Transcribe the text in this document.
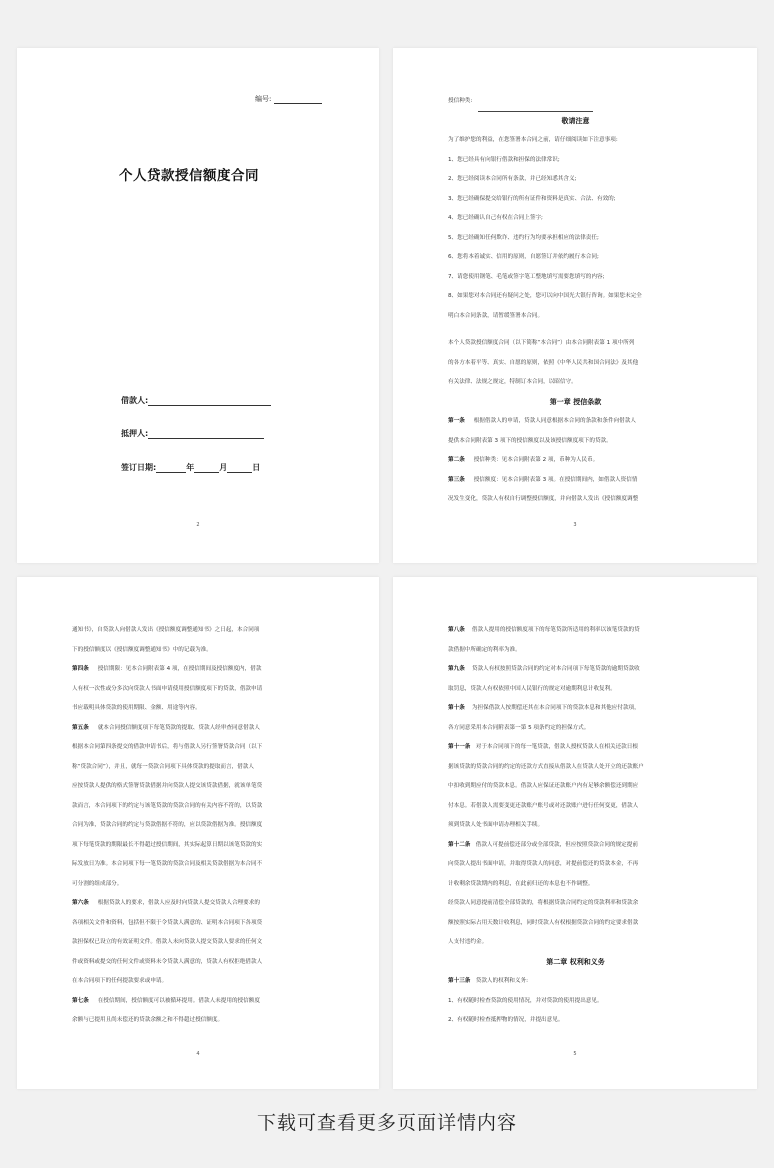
编号:
个人贷款授信额度合同
借款人:
抵押人:
签订日期:	年	月	日
2

授信种类:

敬请注意

为了维护您的利益，在您签署本合同之前，请仔细阅读如下注意事项:

1、您已经具有向银行借款和担保的法律常识;

2、您已经阅读本合同所有条款，并已经知悉其含义;

3、您已经确保提交给银行的所有证件和资料是真实、合法、有效的;

4、您已经确认自己有权在合同上签字;

5、您已经确知任何欺诈、违约行为均要承担相应的法律责任;

6、您将本着诚实、信用的原则，自愿签订并依约履行本合同;

7、请您使用钢笔、毛笔或签字笔工整地填写需要您填写的内容;

8、如果您对本合同还有疑问之处，您可以向中国光大银行咨询。如果您未完全

明白本合同条款，请暂缓签署本合同。

本个人贷款授信额度合同（以下简称“本合同”）由本合同附表第 1 项中所列

的各方本着平等、真实、自愿的原则，依照《中华人民共和国合同法》及其他

有关法律、法规之规定，特制订本合同，以昭信守。

第一章 授信条款

第一条 根据借款人的申请，贷款人同意根据本合同的条款和条件向借款人

提供本合同附表第 3 项下的授信额度以及该授信额度项下的贷款。

第二条 授信种类：见本合同附表第 2 项，币种为人民币。

第三条 授信额度：见本合同附表第 3 项。在授信期间内，如借款人资信情

况发生变化，贷款人有权自行调整授信额度，并向借款人发出《授信额度调整

3

通知书》，自贷款人向借款人发出《授信额度调整通知书》之日起，本合同项

下的授信额度以《授信额度调整通知书》中的记载为准。

第四条 授信期限：见本合同附表第 4 项，在授信期间及授信额度内，借款

人有权一次性或分多次向贷款人书面申请使用授信额度项下的贷款，借款申请

书应载明具体贷款的使用期限、金额、用途等内容。

第五条 就本合同授信额度项下每笔贷款的提取、贷款人经审查同意借款人

根据本合同第四条提交的借款申请书后，将与借款人另行签署贷款合同（以下

称“贷款合同”），并且，就每一贷款合同项下具体贷款的提取而言，借款人

应按贷款人提供的格式签署贷款借据并向贷款人提交该贷款借据，就该单笔贷

款而言，本合同项下的约定与该笔贷款的贷款合同的有关内容不符的，以贷款

合同为准，贷款合同的约定与贷款借据不符的，应以贷款借据为准。授信额度

项下每笔贷款的期限最长不得超过授信期间，其实际起算日期以该笔贷款的实

际发放日为准。本合同项下每一笔贷款的贷款合同及相关贷款借据为本合同不

可分割的组成部分。

第六条 根据贷款人的要求，借款人应及时向贷款人提交贷款人合理要求的

各项相关文件和资料，包括但不限于令贷款人满意的、证明本合同项下各项贷

款担保权已设立的有效证明文件。借款人未向贷款人提交贷款人要求的任何文

件或资料或提交的任何文件或资料未令贷款人满意的，贷款人有权拒绝借款人

在本合同项下的任何提款要求或申请。

第七条 在授信期间，授信额度可以被循环提用。借款人未提用的授信额度

余额与已提用且尚未偿还的贷款余额之和不得超过授信额度。

4

第八条 借款人提用的授信额度项下的每笔贷款所适用的利率以该笔贷款的贷

款借据中所确定的利率为准。

第九条 贷款人有权按照贷款合同的约定对本合同项下每笔贷款的逾期贷款收

取罚息，贷款人有权依照中国人民银行的规定对逾期利息计收复利。

第十条 为担保借款人按期偿还其在本合同项下的贷款本息和其他应付款项，

各方同意采用本合同附表第一第 5 项条约定的担保方式。

第十一条 对于本合同项下的每一笔贷款，借款人授权贷款人在相关还款日根

据该贷款的贷款合同的约定的还款方式直接从借款人在贷款人处开立的还款账户

中扣收到期应付的贷款本息。借款人应保证还款账户内有足够余额偿还到期应

付本息。若借款人需要变更还款账户账号或对还款账户进行任何变更，借款人

须到贷款人处书面申请办理相关手续。

第十二条 借款人可提前偿还部分或全部贷款，但应按照贷款合同的规定提前

向贷款人提出书面申请，并取得贷款人的同意，对提前偿还的贷款本金，不再

计收剩余贷款期内的利息，在此前归还的本息也不作调整。

经贷款人同意提前清偿全部贷款的，将根据贷款合同约定的贷款利率和贷款余

额按照实际占用天数计收利息，同时贷款人有权根据贷款合同的约定要求借款

人支付违约金。

第二章 权利和义务

第十三条 贷款人的权利和义务:

1、有权随时检查贷款的使用情况，并对贷款的使用提出意见。

2、有权随时检查抵押物的情况，并提出意见。

5
下载可查看更多页面详情内容
